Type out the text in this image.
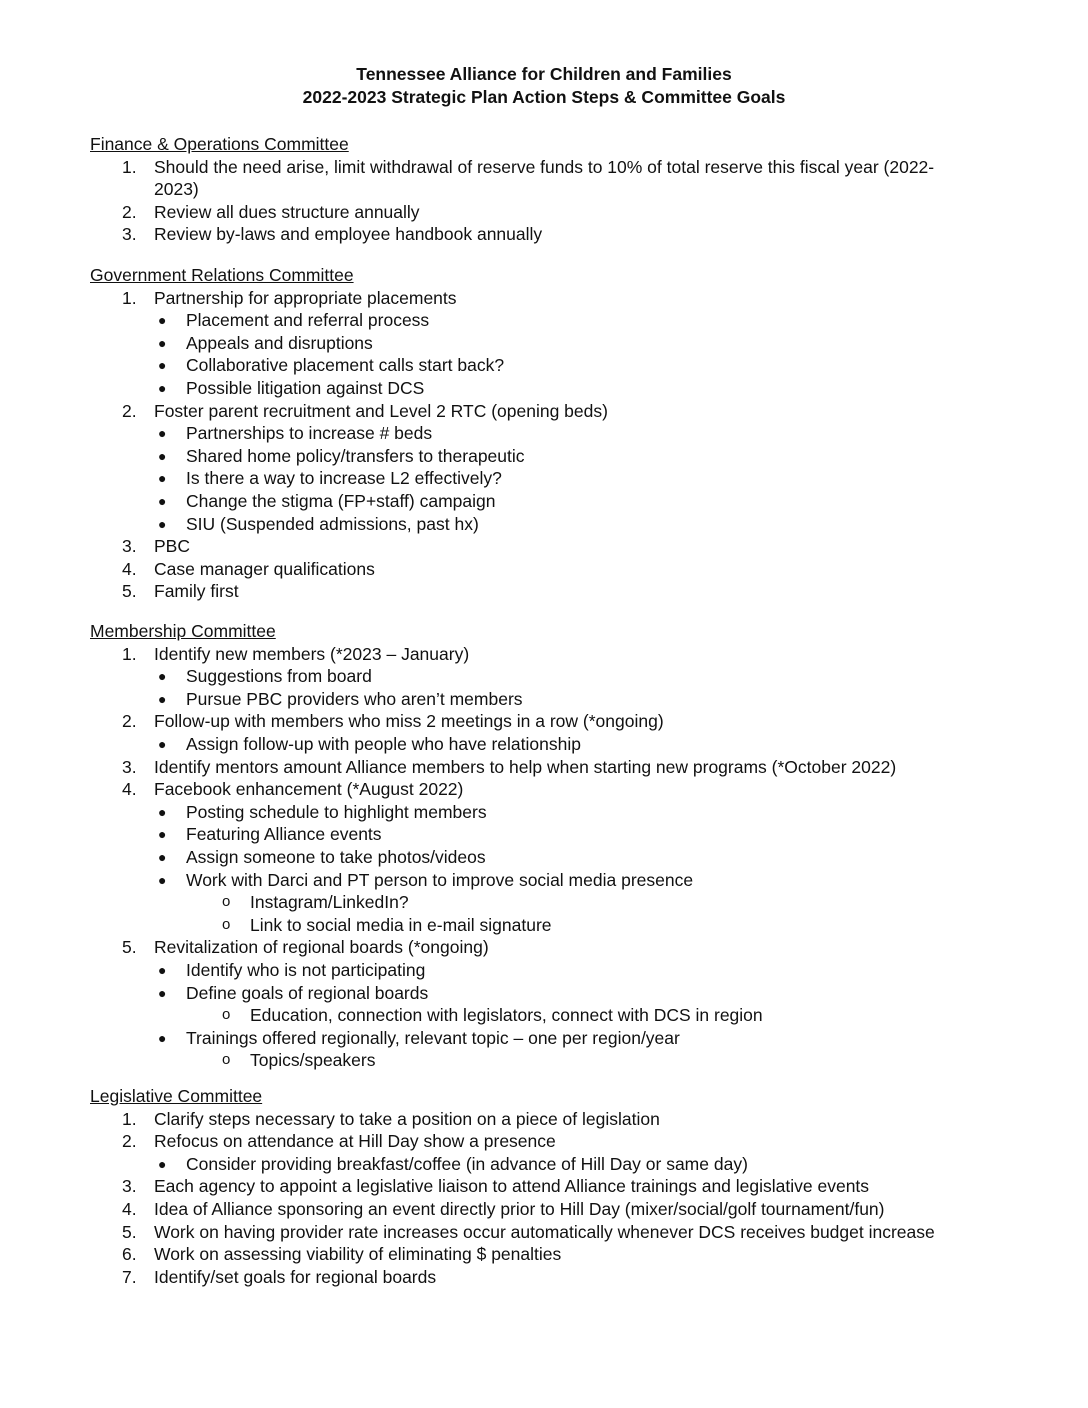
Tennessee Alliance for Children and Families
2022-2023 Strategic Plan Action Steps & Committee Goals
Finance & Operations Committee
1. Should the need arise, limit withdrawal of reserve funds to 10% of total reserve this fiscal year (2022-
2023)
2. Review all dues structure annually
3. Review by-laws and employee handbook annually
Government Relations Committee
1. Partnership for appropriate placements
● Placement and referral process
● Appeals and disruptions
● Collaborative placement calls start back?
● Possible litigation against DCS
2. Foster parent recruitment and Level 2 RTC (opening beds)
● Partnerships to increase # beds
● Shared home policy/transfers to therapeutic
● Is there a way to increase L2 effectively?
● Change the stigma (FP+staff) campaign
● SIU (Suspended admissions, past hx)
3. PBC
4. Case manager qualifications
5. Family first
Membership Committee
1. Identify new members (*2023 – January)
● Suggestions from board
● Pursue PBC providers who aren’t members
2. Follow-up with members who miss 2 meetings in a row (*ongoing)
● Assign follow-up with people who have relationship
3. Identify mentors amount Alliance members to help when starting new programs (*October 2022)
4. Facebook enhancement (*August 2022)
● Posting schedule to highlight members
● Featuring Alliance events
● Assign someone to take photos/videos
● Work with Darci and PT person to improve social media presence
o Instagram/LinkedIn?
o Link to social media in e-mail signature
5. Revitalization of regional boards (*ongoing)
● Identify who is not participating
● Define goals of regional boards
o Education, connection with legislators, connect with DCS in region
● Trainings offered regionally, relevant topic – one per region/year
o Topics/speakers
Legislative Committee
1. Clarify steps necessary to take a position on a piece of legislation
2. Refocus on attendance at Hill Day show a presence
● Consider providing breakfast/coffee (in advance of Hill Day or same day)
3. Each agency to appoint a legislative liaison to attend Alliance trainings and legislative events
4. Idea of Alliance sponsoring an event directly prior to Hill Day (mixer/social/golf tournament/fun)
5. Work on having provider rate increases occur automatically whenever DCS receives budget increase
6. Work on assessing viability of eliminating $ penalties
7. Identify/set goals for regional boards
